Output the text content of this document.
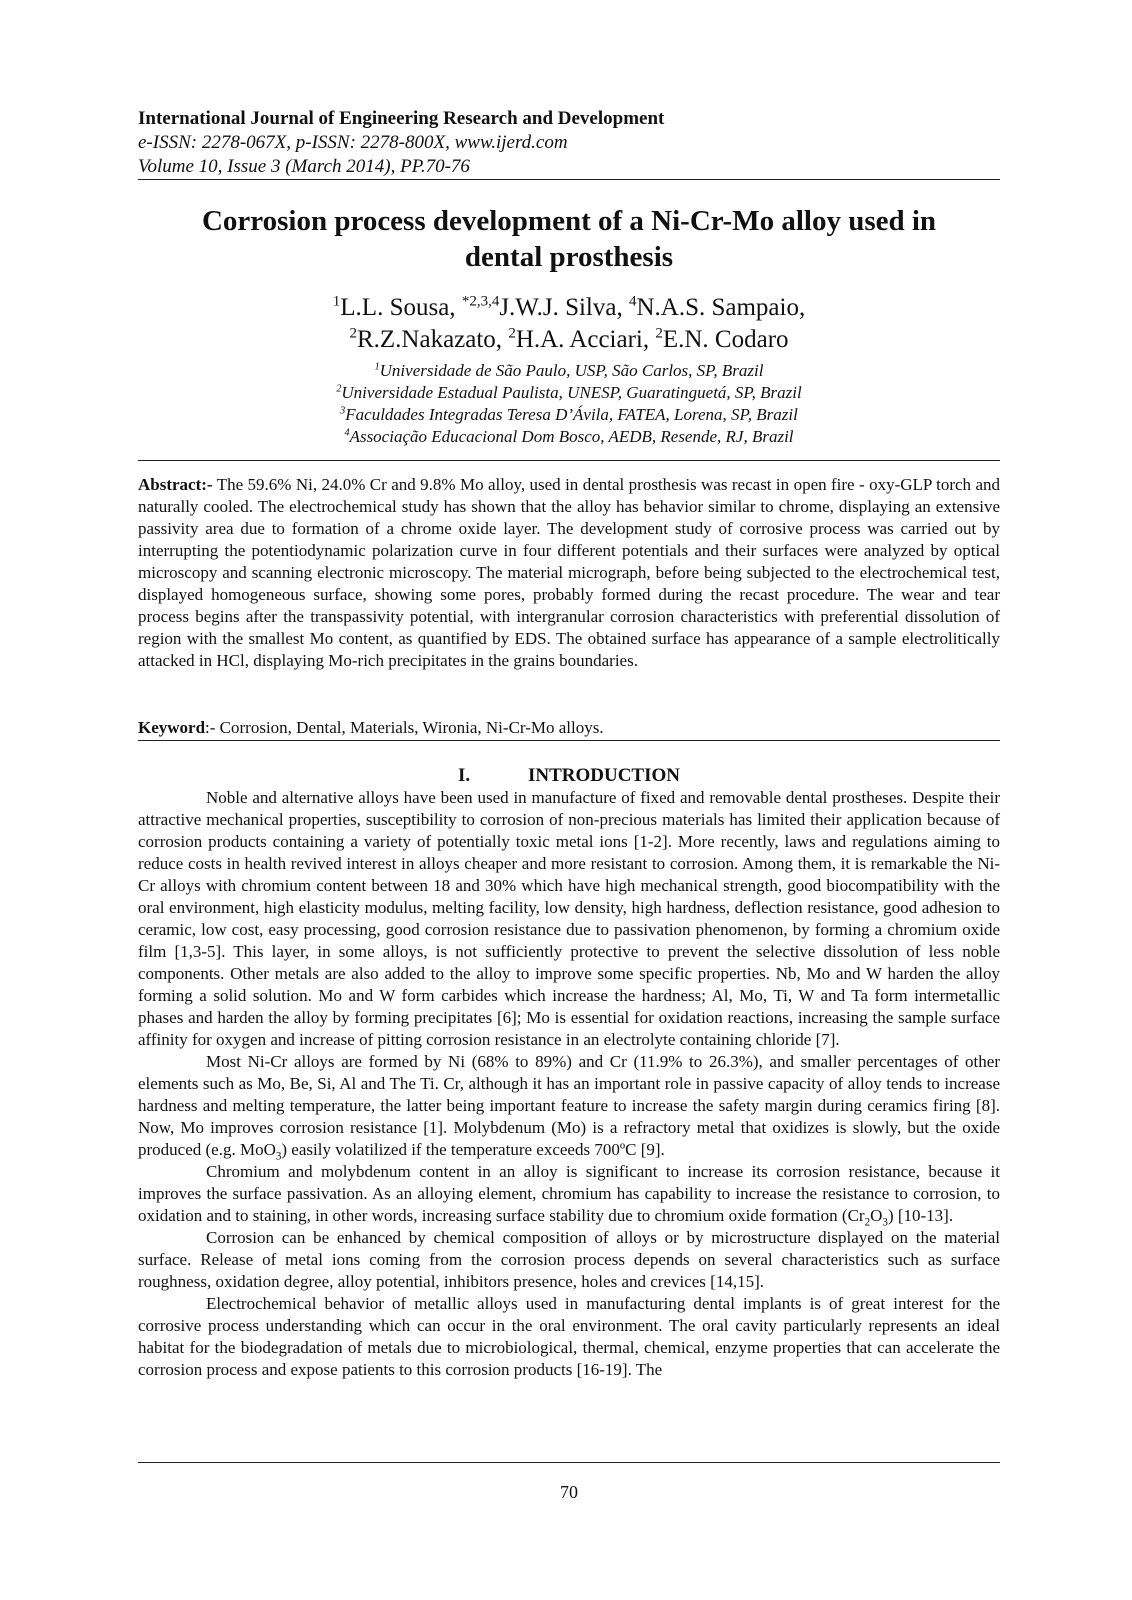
International Journal of Engineering Research and Development
e-ISSN: 2278-067X, p-ISSN: 2278-800X, www.ijerd.com
Volume 10, Issue 3 (March 2014), PP.70-76
Corrosion process development of a Ni-Cr-Mo alloy used in
dental prosthesis
$^1$L.L. Sousa, $^{*2,3,4}$J.W.J. Silva, $^4$N.A.S. Sampaio,
$^2$R.Z.Nakazato, $^2$H.A. Acciari, $^2$E.N. Codaro
$^1$Universidade de São Paulo, USP, São Carlos, SP, Brazil
$^2$Universidade Estadual Paulista, UNESP, Guaratinguetá, SP, Brazil
$^3$Faculdades Integradas Teresa D’Ávila, FATEA, Lorena, SP, Brazil
$^4$Associação Educacional Dom Bosco, AEDB, Resende, RJ, Brazil
Abstract:- The 59.6% Ni, 24.0% Cr and 9.8% Mo alloy, used in dental prosthesis was recast in open fire - oxy-GLP torch and naturally cooled. The electrochemical study has shown that the alloy has behavior similar to chrome, displaying an extensive passivity area due to formation of a chrome oxide layer. The development study of corrosive process was carried out by interrupting the potentiodynamic polarization curve in four different potentials and their surfaces were analyzed by optical microscopy and scanning electronic microscopy. The material micrograph, before being subjected to the electrochemical test, displayed homogeneous surface, showing some pores, probably formed during the recast procedure. The wear and tear process begins after the transpassivity potential, with intergranular corrosion characteristics with preferential dissolution of region with the smallest Mo content, as quantified by EDS. The obtained surface has appearance of a sample electrolitically attacked in HCl, displaying Mo-rich precipitates in the grains boundaries.
Keyword:- Corrosion, Dental, Materials, Wironia, Ni-Cr-Mo alloys.
I.	INTRODUCTION

Noble and alternative alloys have been used in manufacture of fixed and removable dental prostheses. Despite their attractive mechanical properties, susceptibility to corrosion of non-precious materials has limited their application because of corrosion products containing a variety of potentially toxic metal ions [1-2]. More recently, laws and regulations aiming to reduce costs in health revived interest in alloys cheaper and more resistant to corrosion. Among them, it is remarkable the Ni-Cr alloys with chromium content between 18 and 30% which have high mechanical strength, good biocompatibility with the oral environment, high elasticity modulus, melting facility, low density, high hardness, deflection resistance, good adhesion to ceramic, low cost, easy processing, good corrosion resistance due to passivation phenomenon, by forming a chromium oxide film [1,3-5]. This layer, in some alloys, is not sufficiently protective to prevent the selective dissolution of less noble components. Other metals are also added to the alloy to improve some specific properties. Nb, Mo and W harden the alloy forming a solid solution. Mo and W form carbides which increase the hardness; Al, Mo, Ti, W and Ta form intermetallic phases and harden the alloy by forming precipitates [6]; Mo is essential for oxidation reactions, increasing the sample surface affinity for oxygen and increase of pitting corrosion resistance in an electrolyte containing chloride [7].

Most Ni-Cr alloys are formed by Ni (68% to 89%) and Cr (11.9% to 26.3%), and smaller percentages of other elements such as Mo, Be, Si, Al and The Ti. Cr, although it has an important role in passive capacity of alloy tends to increase hardness and melting temperature, the latter being important feature to increase the safety margin during ceramics firing [8]. Now, Mo improves corrosion resistance [1]. Molybdenum (Mo) is a refractory metal that oxidizes is slowly, but the oxide produced (e.g. MoO$_3$) easily volatilized if the temperature exceeds 700ºC [9].

Chromium and molybdenum content in an alloy is significant to increase its corrosion resistance, because it improves the surface passivation. As an alloying element, chromium has capability to increase the resistance to corrosion, to oxidation and to staining, in other words, increasing surface stability due to chromium oxide formation $(Cr_2O_3)$ [10-13].

Corrosion can be enhanced by chemical composition of alloys or by microstructure displayed on the material surface. Release of metal ions coming from the corrosion process depends on several characteristics such as surface roughness, oxidation degree, alloy potential, inhibitors presence, holes and crevices [14,15].

Electrochemical behavior of metallic alloys used in manufacturing dental implants is of great interest for the corrosive process understanding which can occur in the oral environment. The oral cavity particularly represents an ideal habitat for the biodegradation of metals due to microbiological, thermal, chemical, enzyme properties that can accelerate the corrosion process and expose patients to this corrosion products [16-19]. The

70
